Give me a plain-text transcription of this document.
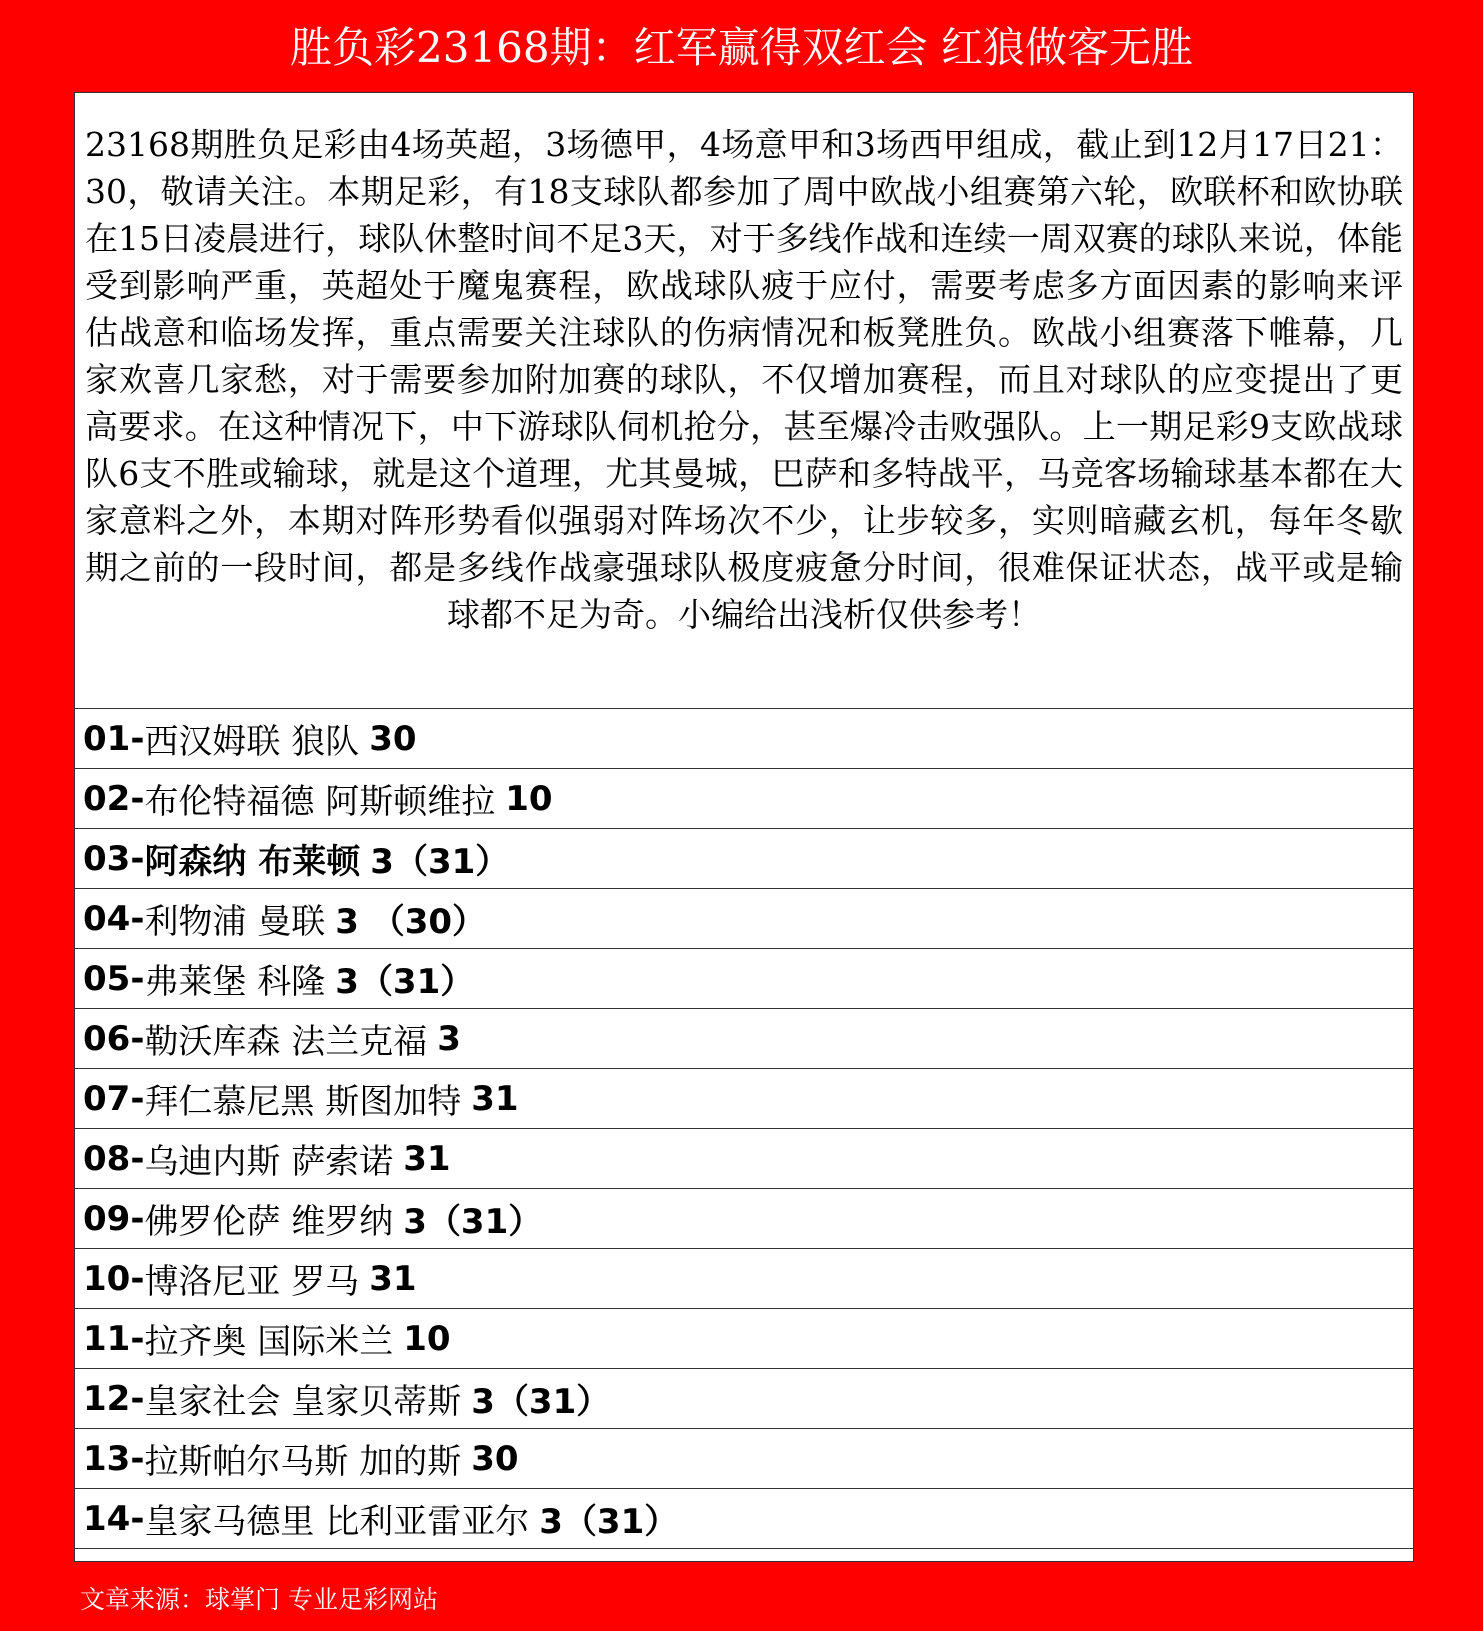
胜负彩23168期：红军赢得双红会 红狼做客无胜
23168期胜负足彩由4场英超，3场德甲，4场意甲和3场西甲组成，截止到12月17日21：30，敬请关注。本期足彩，有18支球队都参加了周中欧战小组赛第六轮，欧联杯和欧协联在15日凌晨进行，球队休整时间不足3天，对于多线作战和连续一周双赛的球队来说，体能受到影响严重，英超处于魔鬼赛程，欧战球队疲于应付，需要考虑多方面因素的影响来评估战意和临场发挥，重点需要关注球队的伤病情况和板凳胜负。欧战小组赛落下帷幕，几家欢喜几家愁，对于需要参加附加赛的球队，不仅增加赛程，而且对球队的应变提出了更高要求。在这种情况下，中下游球队伺机抢分，甚至爆冷击败强队。上一期足彩9支欧战球队6支不胜或输球，就是这个道理，尤其曼城，巴萨和多特战平，马竞客场输球基本都在大家意料之外，本期对阵形势看似强弱对阵场次不少，让步较多，实则暗藏玄机，每年冬歇期之前的一段时间，都是多线作战豪强球队极度疲惫分时间，很难保证状态，战平或是输球都不足为奇。小编给出浅析仅供参考！
01- 西汉姆联 狼队 30
02- 布伦特福德 阿斯顿维拉 10
03- 阿森纳 布莱顿 3（31）
04- 利物浦 曼联 3 （30）
05- 弗莱堡 科隆 3（31）
06- 勒沃库森 法兰克福 3
07- 拜仁慕尼黑 斯图加特 31
08- 乌迪内斯 萨索诺 31
09- 佛罗伦萨 维罗纳 3（31）
10- 博洛尼亚 罗马 31
11- 拉齐奥 国际米兰 10
12- 皇家社会 皇家贝蒂斯 3（31）
13- 拉斯帕尔马斯 加的斯 30
14- 皇家马德里 比利亚雷亚尔 3（31）
文章来源：球掌门 专业足彩网站
